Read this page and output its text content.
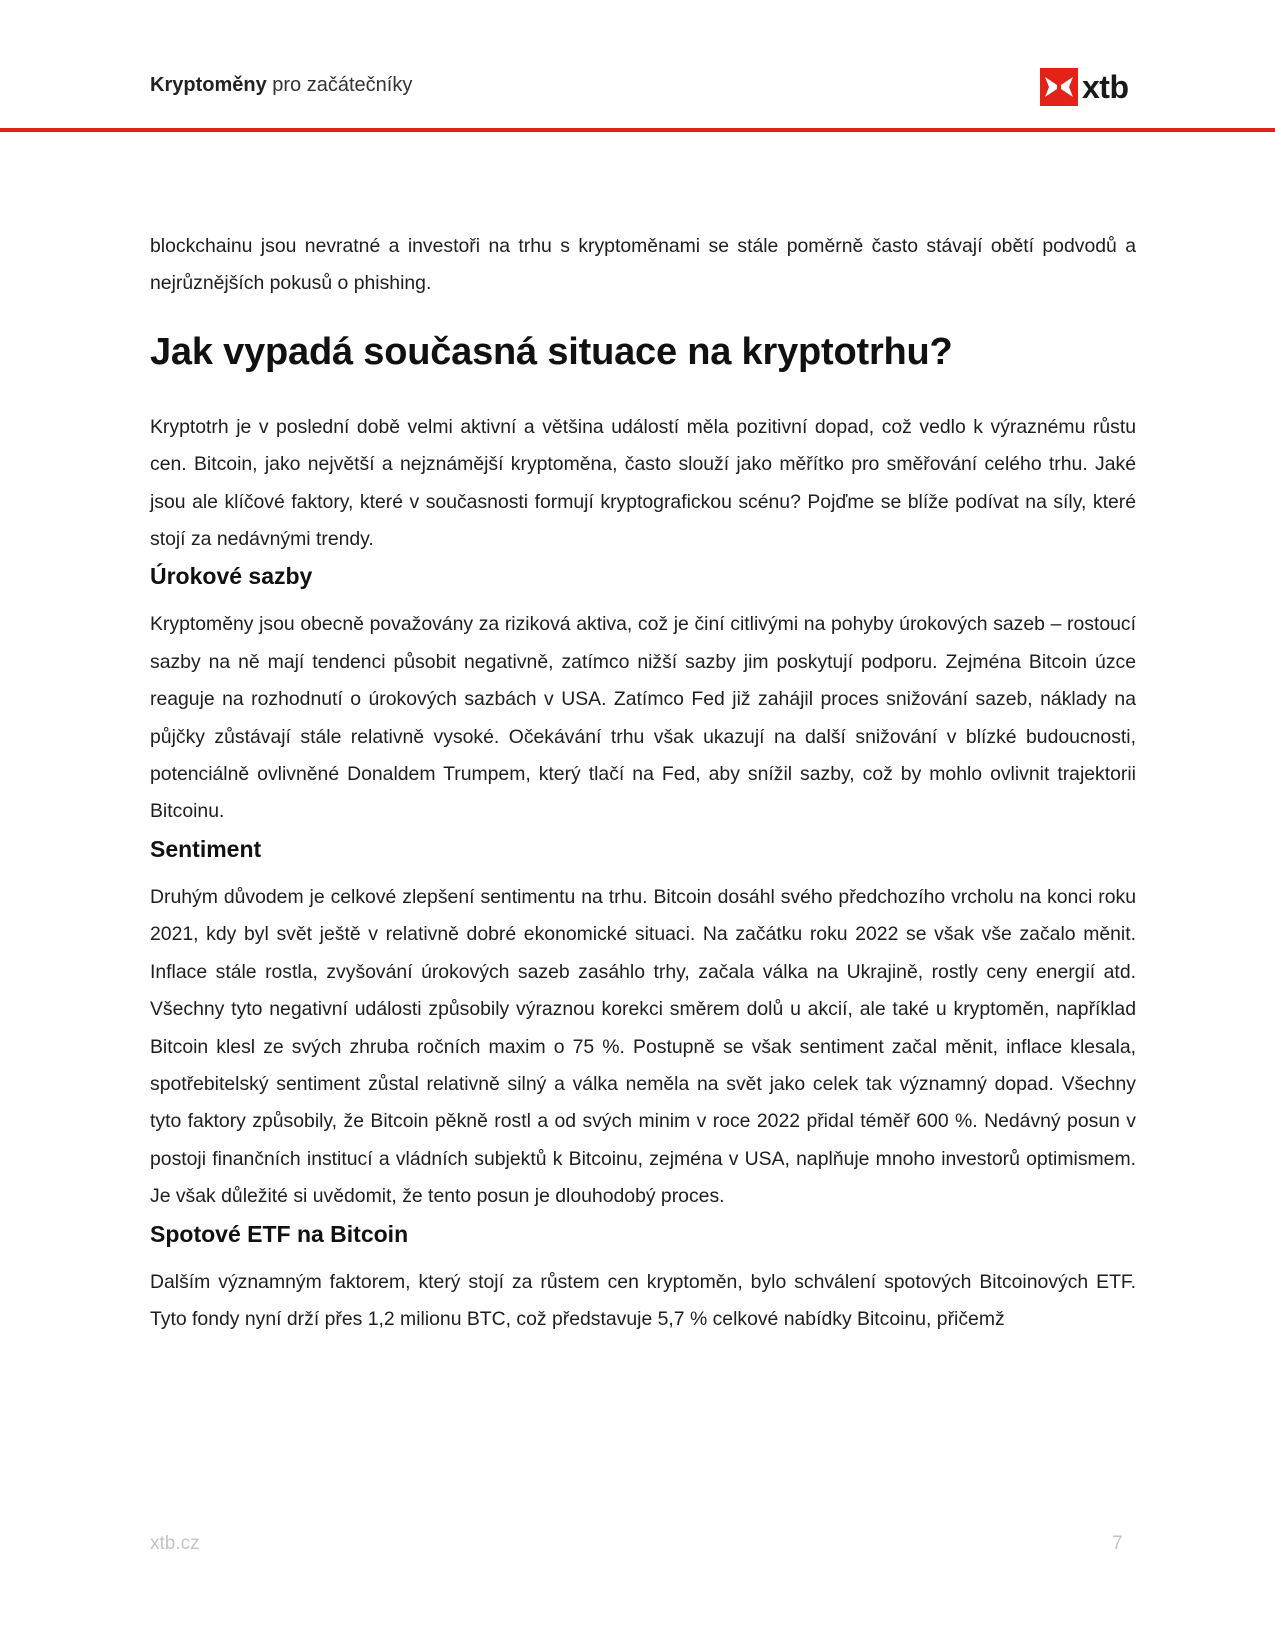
Kryptoměny pro začátečníky	xtb

blockchainu jsou nevratné a investoři na trhu s kryptoměnami se stále poměrně často stávají obětí podvodů a nejrůznějších pokusů o phishing.

Jak vypadá současná situace na kryptotrhu?

Kryptotrh je v poslední době velmi aktivní a většina událostí měla pozitivní dopad, což vedlo k výraznému růstu cen. Bitcoin, jako největší a nejznámější kryptoměna, často slouží jako měřítko pro směřování celého trhu. Jaké jsou ale klíčové faktory, které v současnosti formují kryptografickou scénu? Pojďme se blíže podívat na síly, které stojí za nedávnými trendy.

Úrokové sazby

Kryptoměny jsou obecně považovány za riziková aktiva, což je činí citlivými na pohyby úrokových sazeb – rostoucí sazby na ně mají tendenci působit negativně, zatímco nižší sazby jim poskytují podporu. Zejména Bitcoin úzce reaguje na rozhodnutí o úrokových sazbách v USA. Zatímco Fed již zahájil proces snižování sazeb, náklady na půjčky zůstávají stále relativně vysoké. Očekávání trhu však ukazují na další snižování v blízké budoucnosti, potenciálně ovlivněné Donaldem Trumpem, který tlačí na Fed, aby snížil sazby, což by mohlo ovlivnit trajektorii Bitcoinu.

Sentiment

Druhým důvodem je celkové zlepšení sentimentu na trhu. Bitcoin dosáhl svého předchozího vrcholu na konci roku 2021, kdy byl svět ještě v relativně dobré ekonomické situaci. Na začátku roku 2022 se však vše začalo měnit. Inflace stále rostla, zvyšování úrokových sazeb zasáhlo trhy, začala válka na Ukrajině, rostly ceny energií atd. Všechny tyto negativní události způsobily výraznou korekci směrem dolů u akcií, ale také u kryptoměn, například Bitcoin klesl ze svých zhruba ročních maxim o 75 %. Postupně se však sentiment začal měnit, inflace klesala, spotřebitelský sentiment zůstal relativně silný a válka neměla na svět jako celek tak významný dopad. Všechny tyto faktory způsobily, že Bitcoin pěkně rostl a od svých minim v roce 2022 přidal téměř 600 %. Nedávný posun v postoji finančních institucí a vládních subjektů k Bitcoinu, zejména v USA, naplňuje mnoho investorů optimismem. Je však důležité si uvědomit, že tento posun je dlouhodobý proces.

Spotové ETF na Bitcoin

Dalším významným faktorem, který stojí za růstem cen kryptoměn, bylo schválení spotových Bitcoinových ETF. Tyto fondy nyní drží přes 1,2 milionu BTC, což představuje 5,7 % celkové nabídky Bitcoinu, přičemž

xtb.cz	7
